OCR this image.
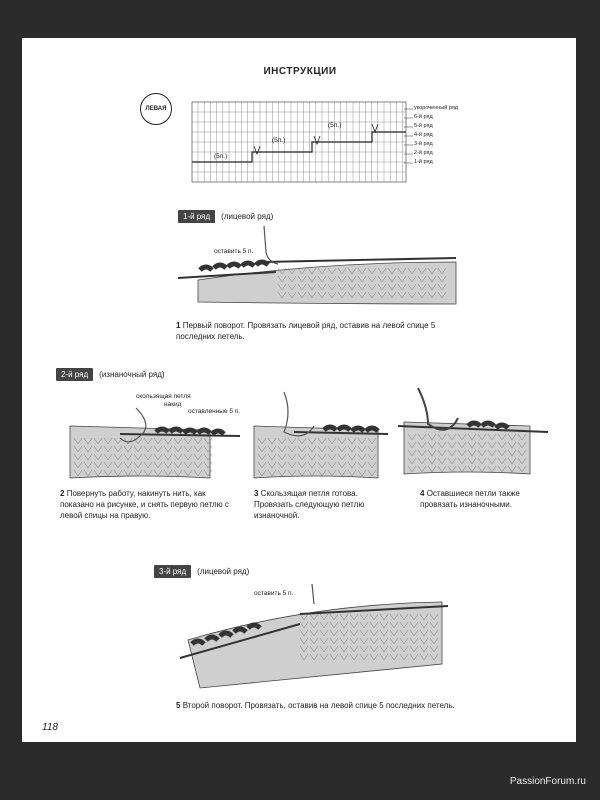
ИНСТРУКЦИИ
ЛЕВАЯ
(5п.)
(5п.)
(5п.)
укороченный ряд
6-й ряд
5-й ряд
4-й ряд
3-й ряд
2-й ряд
1-й ряд
1-й ряд	(лицевой ряд)
оставить 5 п.
1 Первый поворот. Провязать лицевой ряд, оставив на левой спице 5 последних петель.
2-й ряд	(изнаночный ряд)
скользящая петля
накид
оставленные 5 п.
2 Повернуть работу, накинуть нить, как показано на рисунке, и снять первую петлю с левой спицы на правую.
3 Скользящая петля готова. Провязать следующую петлю изнаночной.
4 Оставшиеся петли также провязать изнаночными.
3-й ряд	(лицевой ряд)
оставить 5 п.
5 Второй поворот. Провязать, оставив на левой спице 5 последних петель.
118
PassionForum.ru
